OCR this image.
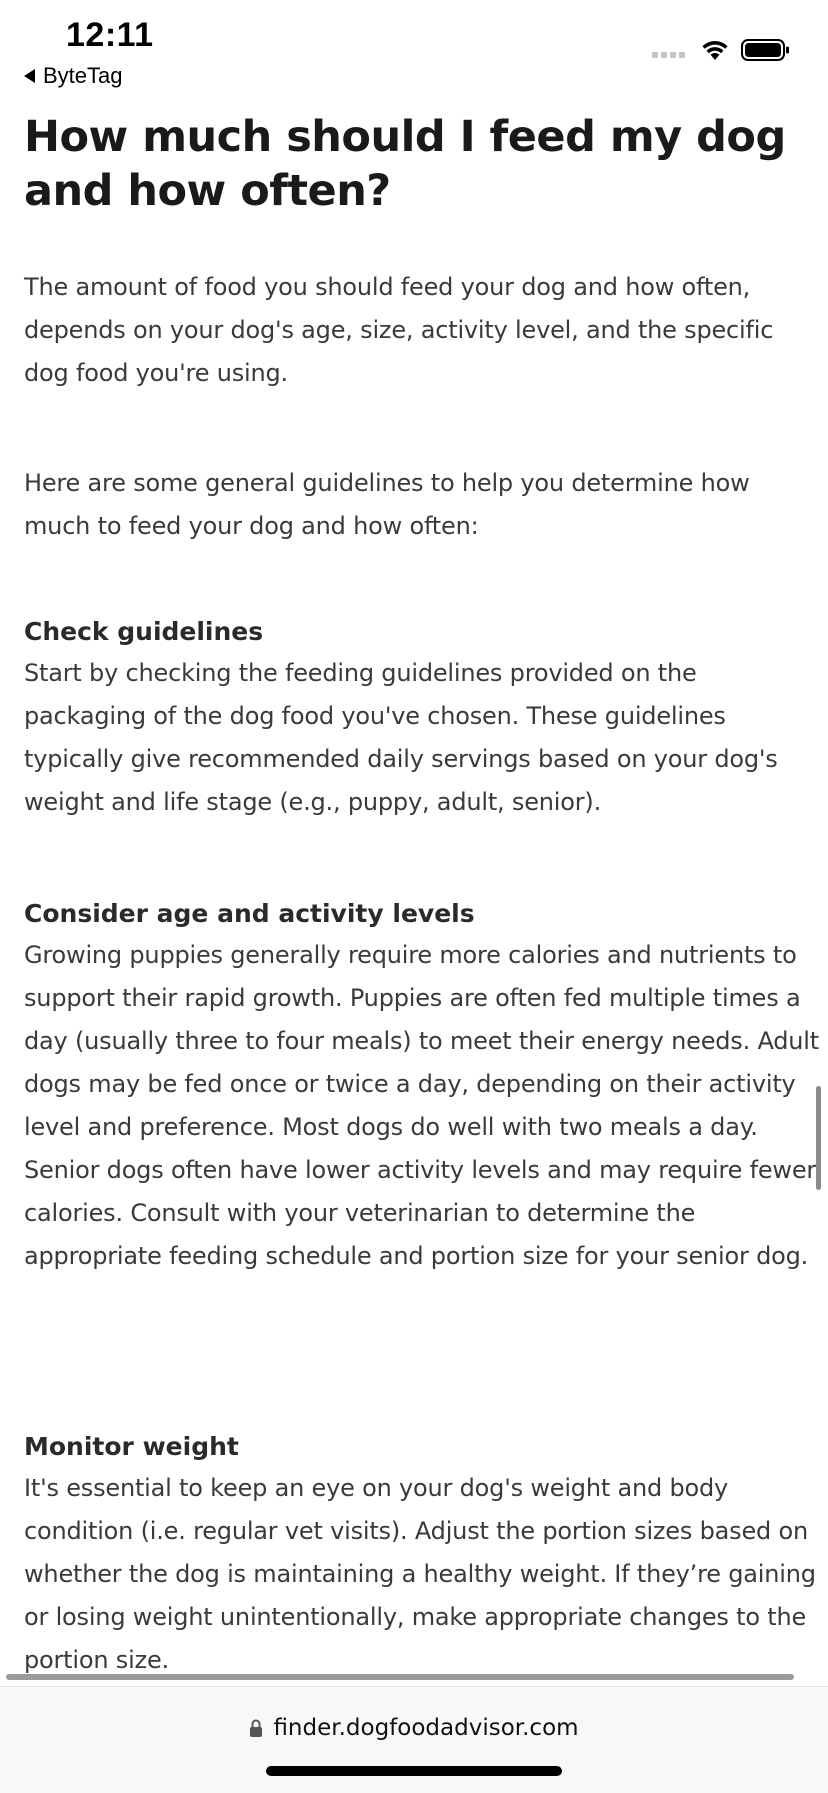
12:11
ByteTag
How much should I feed my dog and how often?

The amount of food you should feed your dog and how often, depends on your dog's age, size, activity level, and the specific dog food you're using.

Here are some general guidelines to help you determine how much to feed your dog and how often:

Check guidelines

Start by checking the feeding guidelines provided on the packaging of the dog food you've chosen. These guidelines typically give recommended daily servings based on your dog's weight and life stage (e.g., puppy, adult, senior).

Consider age and activity levels

Growing puppies generally require more calories and nutrients to support their rapid growth. Puppies are often fed multiple times a day (usually three to four meals) to meet their energy needs. Adult dogs may be fed once or twice a day, depending on their activity level and preference. Most dogs do well with two meals a day. Senior dogs often have lower activity levels and may require fewer calories. Consult with your veterinarian to determine the appropriate feeding schedule and portion size for your senior dog.

Monitor weight

It's essential to keep an eye on your dog's weight and body condition (i.e. regular vet visits). Adjust the portion sizes based on whether the dog is maintaining a healthy weight. If they’re gaining or losing weight unintentionally, make appropriate changes to the portion size.

finder.dogfoodadvisor.com
